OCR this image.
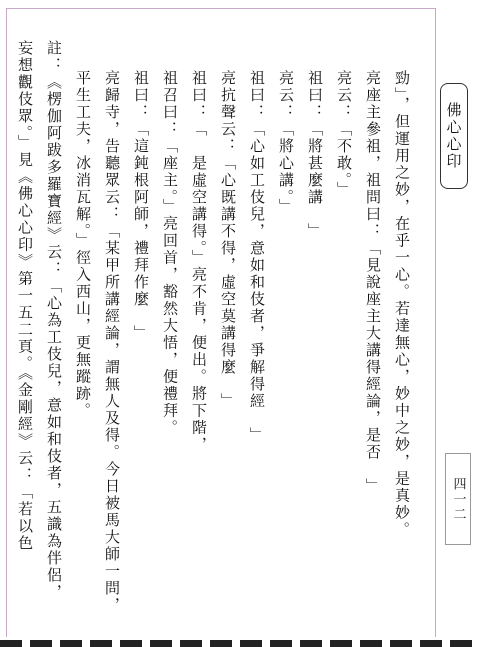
佛心心印
四一二
勁」，但運用之妙，在乎一心。若達無心，妙中之妙，是真妙。
亮座主參祖，祖問曰：「見說座主大講得經論，是否　」
亮云：「不敢。」
祖曰：「將甚麼講　」
亮云：「將心講。」
祖曰：「心如工伎兒，意如和伎者，爭解得經　」
亮抗聲云：「心既講不得，虛空莫講得麼　」
祖曰：「　是虛空講得。」亮不肯，便出。將下階，
祖召曰：「座主。」亮回首，豁然大悟，便禮拜。
祖曰：「這鈍根阿師，禮拜作麼　」
亮歸寺，告聽眾云：「某甲所講經論，謂無人及得。今日被馬大師一問，
平生工夫，冰消瓦解。」徑入西山，更無蹤跡。
註：《楞伽阿跋多羅寶經》云：「心為工伎兒，意如和伎者，五識為伴侶，
妄想觀伎眾。」見《佛心心印》第一五二頁。《金剛經》云：「若以色
